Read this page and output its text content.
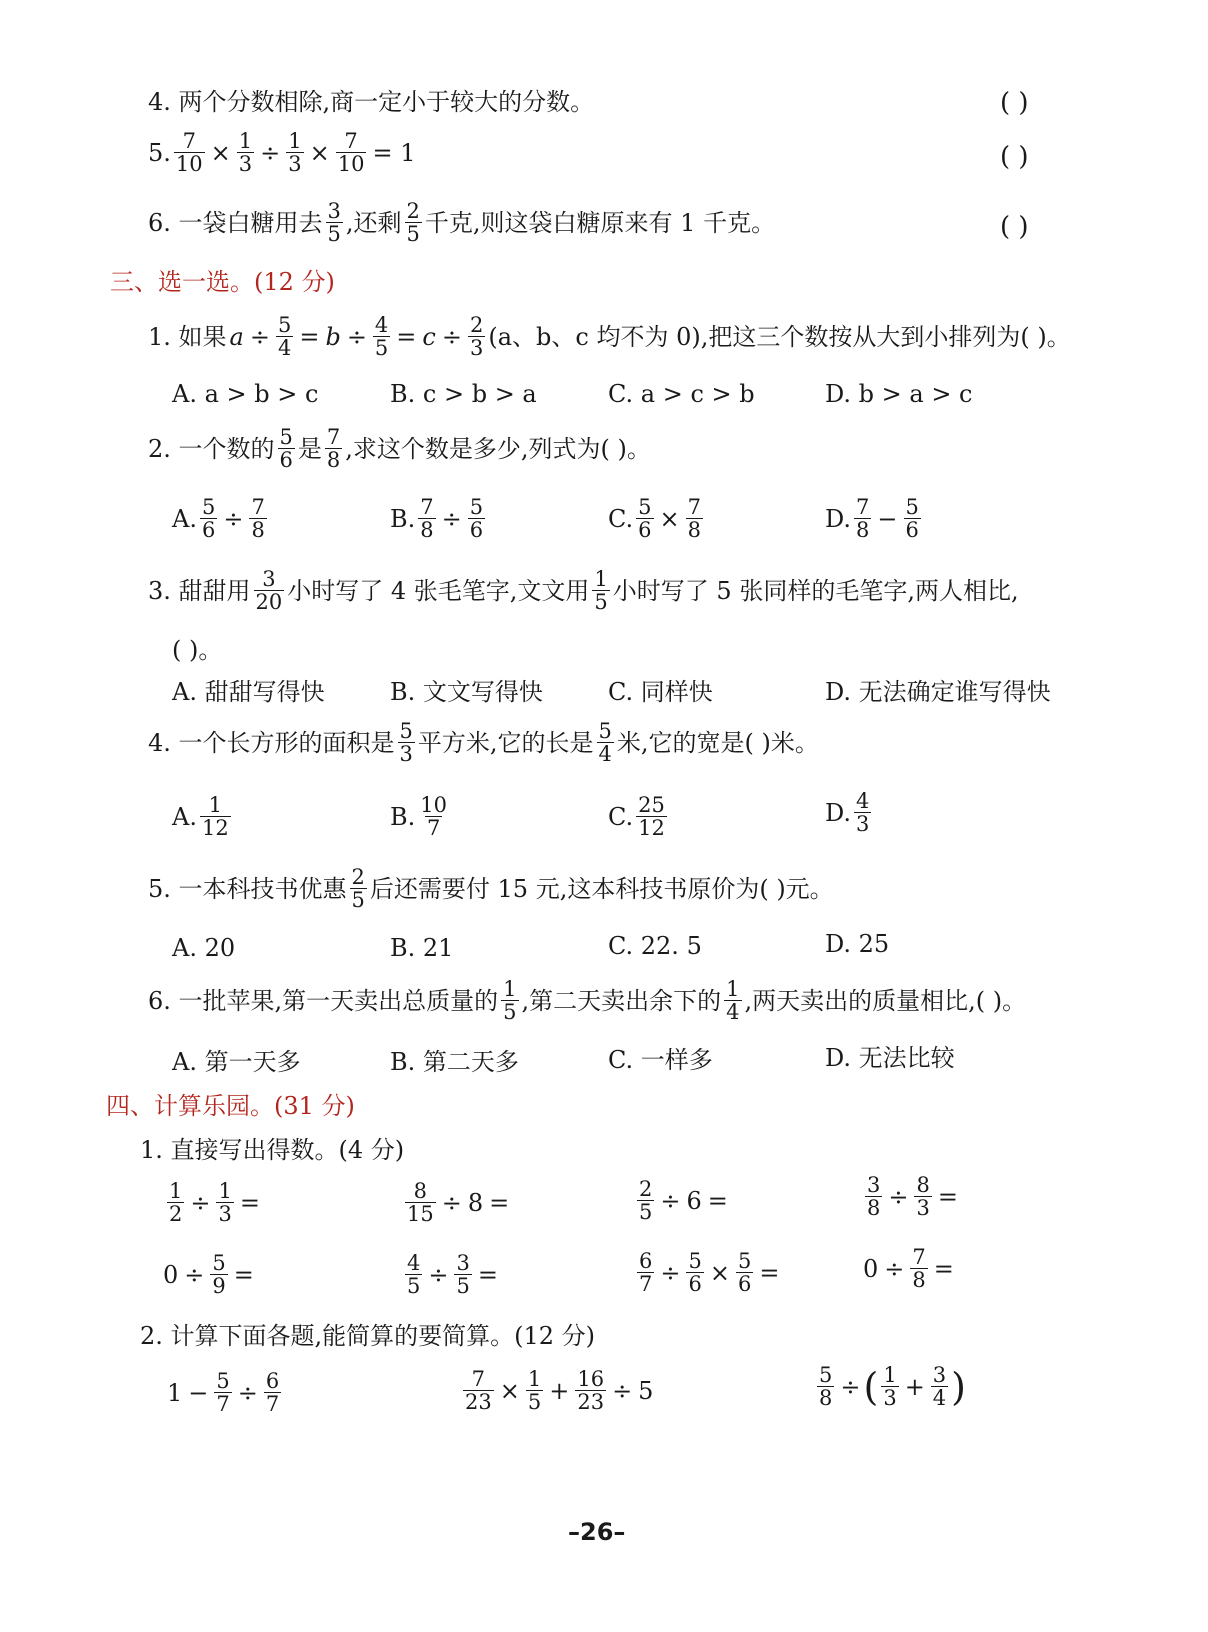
4. 两个分数相除,商一定小于较大的分数。	( )
5. $\frac{7}{10} \times \frac{1}{3} \div \frac{1}{3} \times \frac{7}{10} = 1$	( )
6. 一袋白糖用去 3
5 ,还剩 2
5 千克,则这袋白糖原来有 1 千克。	( )
三、选一选。(12 分)
1. 如果 $a \div \frac{5}{4} = b \div \frac{4}{5} = c \div \frac{2}{3} (a$、b、c 均不为 0),把这三个数按从大到小排列为( )。
A. a > b > c	B. c > b > a	C. a > c > b	D. b > a > c
2. 一个数的 5
6 是 7
8 ,求这个数是多少,列式为( )。
A. $\frac{5}{6} \div \frac{7}{8}$	B. $\frac{7}{8} \div \frac{5}{6}$	C. $\frac{5}{6} \times \frac{7}{8}$	D. 7
$8 - \frac{5}{6}$
3. 甜甜用 3
20 小时写了 4 张毛笔字,文文用 1
5 小时写了 5 张同样的毛笔字,两人相比,
( )。
A. 甜甜写得快	B. 文文写得快	C. 同样快	D. 无法确定谁写得快
4. 一个长方形的面积是 5
3 平方米,它的长是 5
4 米,它的宽是( )米。
A. 1
12	B. 10
7	C. 25
12
D. 4
3
5. 一本科技书优惠 2
5 后还需要付 15 元,这本科技书原价为( )元。
A. 20	B. 21	C. 22. 5	D. 25
6. 一批苹果,第一天卖出总质量的 1
5 ,第二天卖出余下的 1
4 ,两天卖出的质量相比,( )。
A. 第一天多	B. 第二天多	C. 一样多	D. 无法比较
四、计算乐园。(31 分)
1. 直接写出得数。(4 分)
$\frac{1}{2} \div \frac{1}{3}$ =	$\frac{8}{15} \div 8$ =	$\frac{2}{5} \div 6$ =	$\frac{3}{8} \div \frac{8}{3}$ =
$0 \div \frac{5}{9}$ =	$\frac{4}{5} \div \frac{3}{5}$ =	$\frac{6}{7} \div \frac{5}{6} \times \frac{5}{6}$ =	$0 \div \frac{7}{8}$ =
2. 计算下面各题,能简算的要简算。(12 分)
$1 - \frac{5}{7} \div \frac{6}{7}$	$\frac{7}{23} \times \frac{1}{5} + \frac{16}{23} \div 5$	$\frac{5}{8}$ ÷ ( 1
$3 + \frac{3}{4}$ )
–26–
